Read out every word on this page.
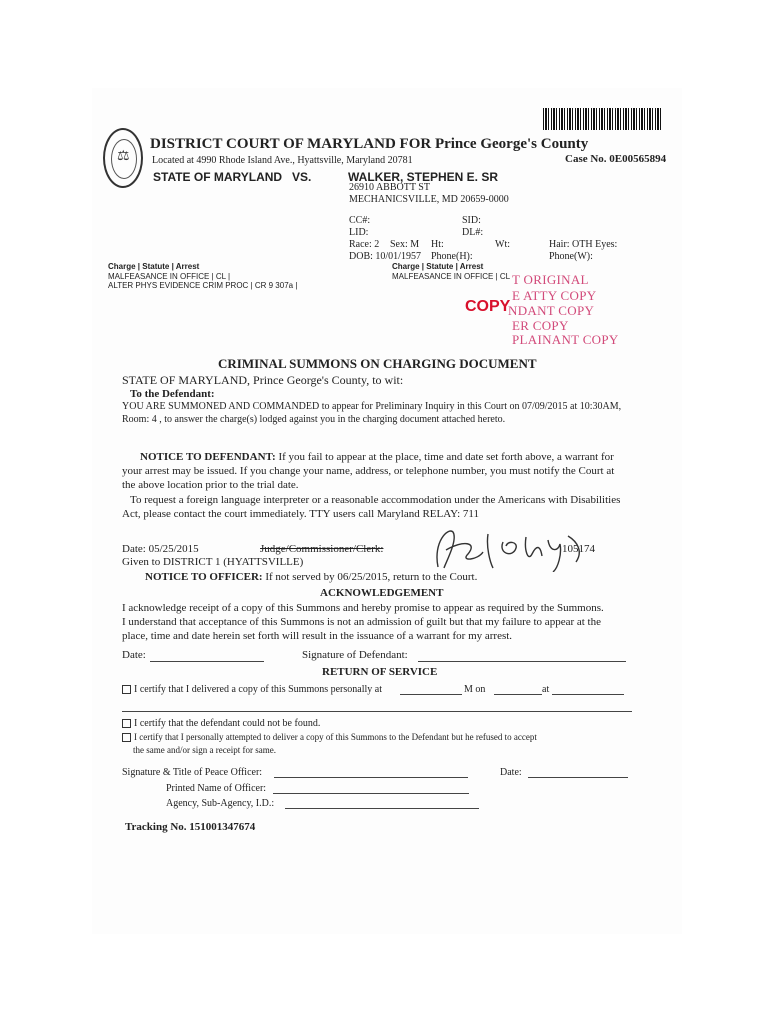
⚖
DISTRICT COURT OF MARYLAND FOR Prince George's County
Located at 4990 Rhode Island Ave., Hyattsville, Maryland 20781	Case No. 0E00565894
STATE OF MARYLAND VS.	WALKER, STEPHEN E. SR
26910 ABBOTT ST
MECHANICSVILLE, MD 20659-0000
CC#:	SID:
LID:	DL#:
Race: 2 Sex: M Ht:	Wt:	Hair: OTH Eyes:
DOB: 10/01/1957 Phone(H):	Phone(W):
Charge | Statute | Arrest
MALFEASANCE IN OFFICE | CL |
ALTER PHYS EVIDENCE CRIM PROC | CR 9 307a |
Charge | Statute | Arrest
MALFEASANCE IN OFFICE | CL T ORIGINAL
E ATTY COPY
COPY
NDANT COPY
ER COPY
PLAINANT COPY
CRIMINAL SUMMONS ON CHARGING DOCUMENT
STATE OF MARYLAND, Prince George's County, to wit:
To the Defendant:
YOU ARE SUMMONED AND COMMANDED to appear for Preliminary Inquiry in this Court on 07/09/2015 at 10:30AM,
Room: 4 , to answer the charge(s) lodged against you in the charging document attached hereto.
NOTICE TO DEFENDANT: If you fail to appear at the place, time and date set forth above, a warrant for
your arrest may be issued. If you change your name, address, or telephone number, you must notify the Court at
the above location prior to the trial date.
To request a foreign language interpreter or a reasonable accommodation under the Americans with Disabilities
Act, please contact the court immediately. TTY users call Maryland RELAY: 711
Date: 05/25/2015	Judge/Commissioner/Clerk:	105174
Given to DISTRICT 1 (HYATTSVILLE)
NOTICE TO OFFICER: If not served by 06/25/2015, return to the Court.
ACKNOWLEDGEMENT
I acknowledge receipt of a copy of this Summons and hereby promise to appear as required by the Summons.
I understand that acceptance of this Summons is not an admission of guilt but that my failure to appear at the
place, time and date herein set forth will result in the issuance of a warrant for my arrest.
Date:	Signature of Defendant:
RETURN OF SERVICE
I certify that I delivered a copy of this Summons personally at	M on	at
I certify that the defendant could not be found.
I certify that I personally attempted to deliver a copy of this Summons to the Defendant but he refused to accept
the same and/or sign a receipt for same.
Signature & Title of Peace Officer:	Date:
Printed Name of Officer:
Agency, Sub-Agency, I.D.:
Tracking No. 151001347674
